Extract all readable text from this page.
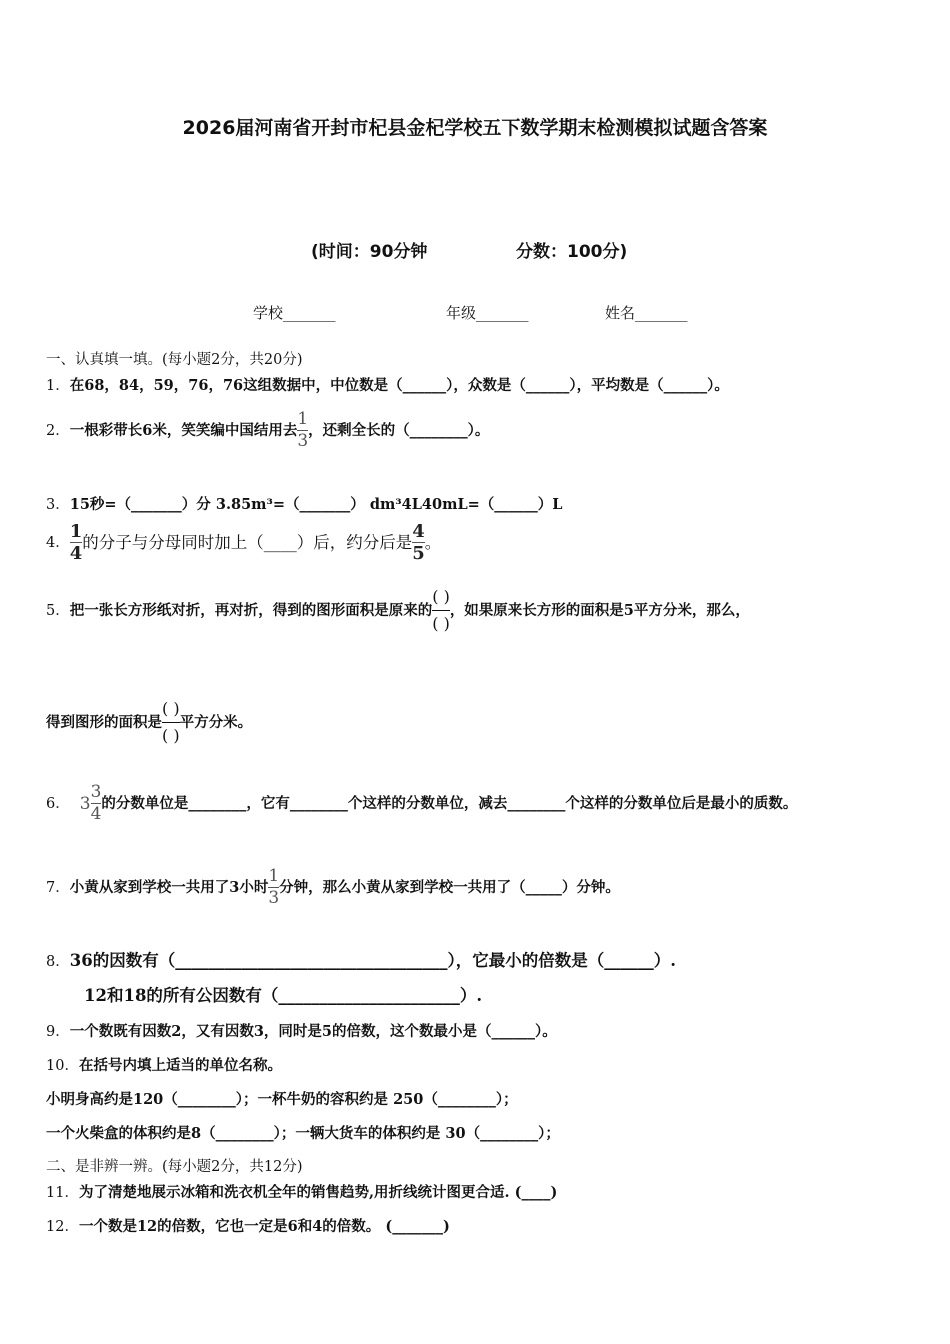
2026届河南省开封市杞县金杞学校五下数学期末检测模拟试题含答案
(时间：90分钟	分数：100分)
学校_______	年级_______	姓名_______
一、认真填一填。(每小题2分，共20分)
1．在68，84，59，76，76这组数据中，中位数是（______），众数是（______），平均数是（______）。
2． 一根彩带长6米，笑笑编中国结用去 $\frac{1}{3}$ ，还剩全长的（________）。
3．15秒=（_______）分 3.85m³=（_______） dm³4L40mL=（______）L
4． $\frac{1}{4}$ 的分子与分母同时加上（____）后，约分后是 $\frac{4}{5}$ 。
5． 把一张长方形纸对折，再对折，得到的图形面积是原来的
( )
( )
，如果原来长方形的面积是5平方分米，那么，
得到图形的面积是
( )
( )
平方分米。
6． $3 \frac{3}{4}$ 的分数单位是________，它有________个这样的分数单位，减去________个这样的分数单位后是最小的质数。
7． 小黄从家到学校一共用了3小时 $\frac{1}{3}$ 分钟，那么小黄从家到学校一共用了（_____）分钟。
8．36的因数有（_________________________________），它最小的倍数是（______）.
12和18的所有公因数有（______________________）.
9．一个数既有因数2，又有因数3，同时是5的倍数，这个数最小是（______）。
10．在括号内填上适当的单位名称。
小明身高约是120（________）；一杯牛奶的容积约是 250（________）；
一个火柴盒的体积约是8（________）；一辆大货车的体积约是 30（________）；
二、是非辨一辨。(每小题2分，共12分)
11．为了清楚地展示冰箱和洗衣机全年的销售趋势,用折线统计图更合适. (____)
12．一个数是12的倍数，它也一定是6和4的倍数。 (_______)
